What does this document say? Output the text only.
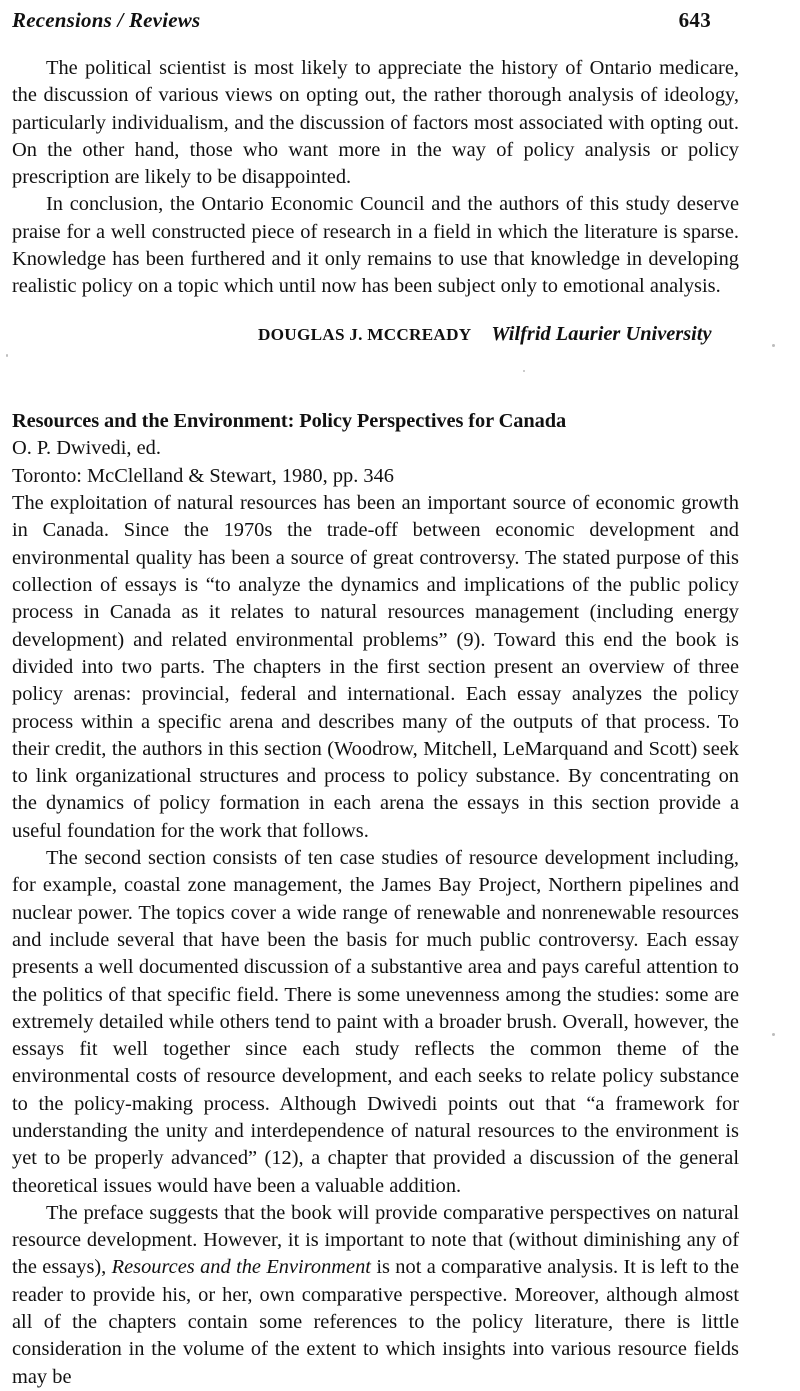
Recensions / Reviews	643

The political scientist is most likely to appreciate the history of Ontario medicare, the discussion of various views on opting out, the rather thorough analysis of ideology, particularly individualism, and the discussion of factors most associated with opting out. On the other hand, those who want more in the way of policy analysis or policy prescription are likely to be disappointed.

In conclusion, the Ontario Economic Council and the authors of this study deserve praise for a well constructed piece of research in a field in which the literature is sparse. Knowledge has been furthered and it only remains to use that knowledge in developing realistic policy on a topic which until now has been subject only to emotional analysis.

DOUGLAS J. MCCREADY Wilfrid Laurier University
Resources and the Environment: Policy Perspectives for Canada
O. P. Dwivedi, ed.
Toronto: McClelland & Stewart, 1980, pp. 346

The exploitation of natural resources has been an important source of economic growth in Canada. Since the 1970s the trade-off between economic development and environmental quality has been a source of great controversy. The stated purpose of this collection of essays is “to analyze the dynamics and implications of the public policy process in Canada as it relates to natural resources management (including energy development) and related environmental problems” (9). Toward this end the book is divided into two parts. The chapters in the first section present an overview of three policy arenas: provincial, federal and international. Each essay analyzes the policy process within a specific arena and describes many of the outputs of that process. To their credit, the authors in this section (Woodrow, Mitchell, LeMarquand and Scott) seek to link organizational structures and process to policy substance. By concentrating on the dynamics of policy formation in each arena the essays in this section provide a useful foundation for the work that follows.

The second section consists of ten case studies of resource development including, for example, coastal zone management, the James Bay Project, Northern pipelines and nuclear power. The topics cover a wide range of renewable and nonrenewable resources and include several that have been the basis for much public controversy. Each essay presents a well documented discussion of a substantive area and pays careful attention to the politics of that specific field. There is some unevenness among the studies: some are extremely detailed while others tend to paint with a broader brush. Overall, however, the essays fit well together since each study reflects the common theme of the environmental costs of resource development, and each seeks to relate policy substance to the policy-making process. Although Dwivedi points out that “a framework for understanding the unity and interdependence of natural resources to the environment is yet to be properly advanced” (12), a chapter that provided a discussion of the general theoretical issues would have been a valuable addition.

The preface suggests that the book will provide comparative perspectives on natural resource development. However, it is important to note that (without diminishing any of the essays), Resources and the Environment is not a comparative analysis. It is left to the reader to provide his, or her, own comparative perspective. Moreover, although almost all of the chapters contain some references to the policy literature, there is little consideration in the volume of the extent to which insights into various resource fields may be
